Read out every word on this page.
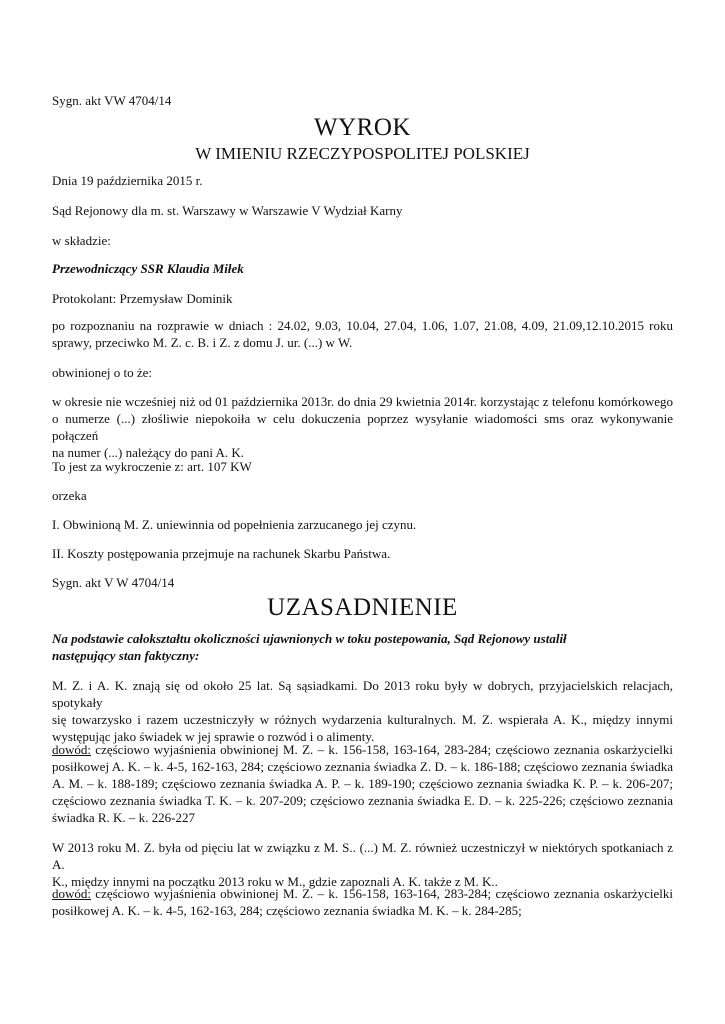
Sygn. akt VW 4704/14

WYROK
W IMIENIU RZECZYPOSPOLITEJ POLSKIEJ

Dnia 19 października 2015 r.

Sąd Rejonowy dla m. st. Warszawy w Warszawie V Wydział Karny

w składzie:

Przewodniczący SSR Klaudia Miłek

Protokolant: Przemysław Dominik

po rozpoznaniu na rozprawie w dniach : 24.02, 9.03, 10.04, 27.04, 1.06, 1.07, 21.08, 4.09, 21.09,12.10.2015 roku
sprawy, przeciwko M. Z. c. B. i Z. z domu J. ur. (...) w W.

obwinionej o to że:

w okresie nie wcześniej niż od 01 października 2013r. do dnia 29 kwietnia 2014r. korzystając z telefonu komórkowego
o numerze (...) złośliwie niepokoiła w celu dokuczenia poprzez wysyłanie wiadomości sms oraz wykonywanie połączeń
na numer (...) należący do pani A. K.

To jest za wykroczenie z: art. 107 KW

orzeka

I. Obwinioną M. Z. uniewinnia od popełnienia zarzucanego jej czynu.

II. Koszty postępowania przejmuje na rachunek Skarbu Państwa.

Sygn. akt V W 4704/14

UZASADNIENIE
Na podstawie całokształtu okoliczności ujawnionych w toku postepowania, Sąd Rejonowy ustalił
następujący stan faktyczny:
M. Z. i A. K. znają się od około 25 lat. Są sąsiadkami. Do 2013 roku były w dobrych, przyjacielskich relacjach, spotykały
się towarzysko i razem uczestniczyły w różnych wydarzenia kulturalnych. M. Z. wspierała A. K., między innymi
występując jako świadek w jej sprawie o rozwód i o alimenty.
dowód: częściowo wyjaśnienia obwinionej M. Z. – k. 156-158, 163-164, 283-284; częściowo zeznania oskarżycielki
posiłkowej A. K. – k. 4-5, 162-163, 284; częściowo zeznania świadka Z. D. – k. 186-188; częściowo zeznania świadka
A. M. – k. 188-189; częściowo zeznania świadka A. P. – k. 189-190; częściowo zeznania świadka K. P. – k. 206-207;
częściowo zeznania świadka T. K. – k. 207-209; częściowo zeznania świadka E. D. – k. 225-226; częściowo zeznania
świadka R. K. – k. 226-227
W 2013 roku M. Z. była od pięciu lat w związku z M. S.. (...) M. Z. również uczestniczył w niektórych spotkaniach z A.
K., między innymi na początku 2013 roku w M., gdzie zapoznali A. K. także z M. K..
dowód: częściowo wyjaśnienia obwinionej M. Z. – k. 156-158, 163-164, 283-284; częściowo zeznania oskarżycielki
posiłkowej A. K. – k. 4-5, 162-163, 284; częściowo zeznania świadka M. K. – k. 284-285;
